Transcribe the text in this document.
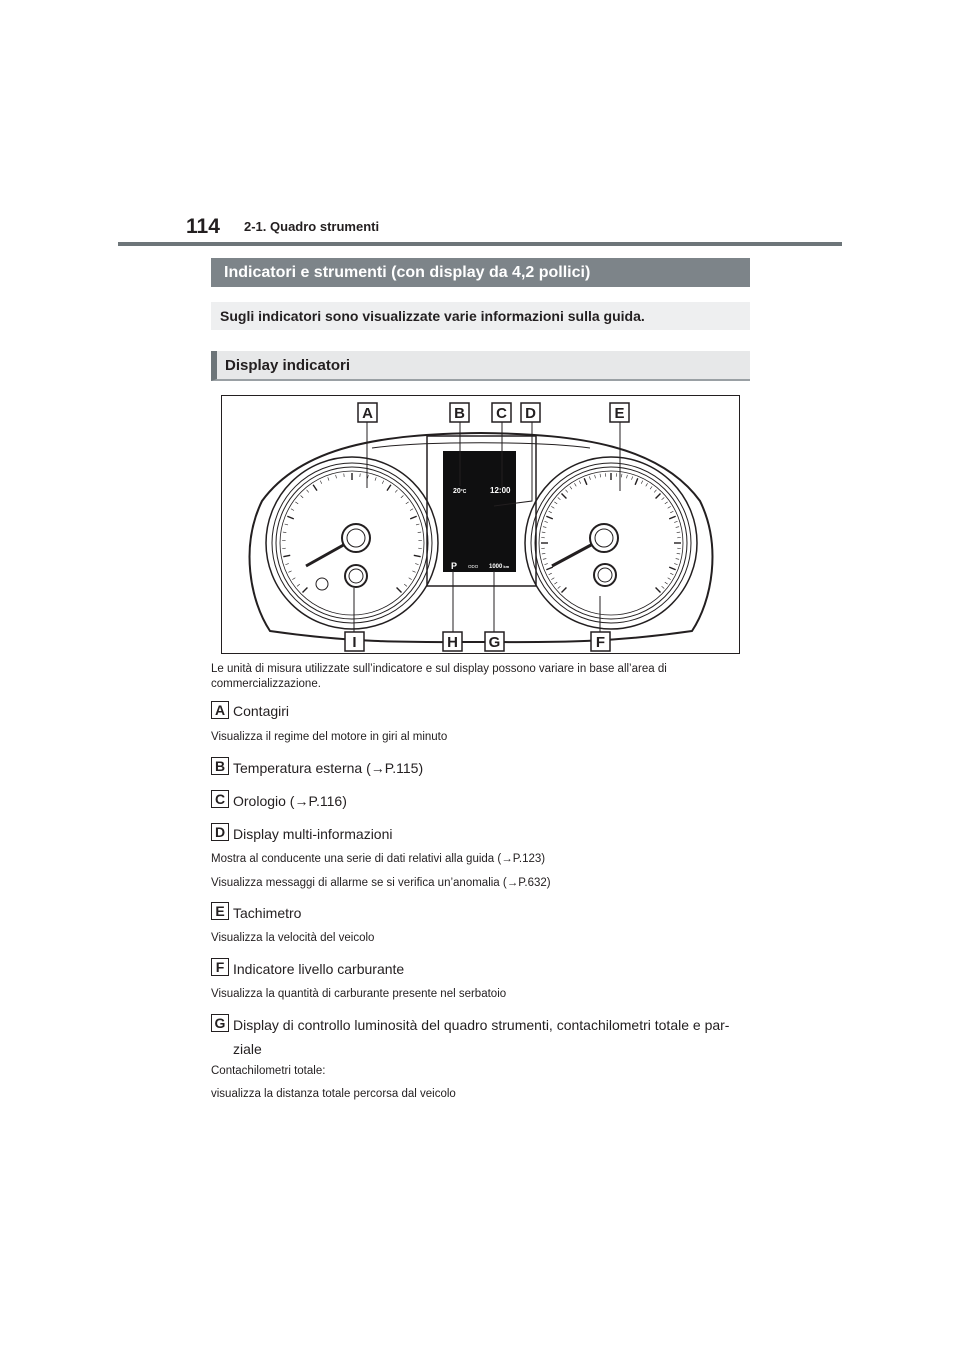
114 2-1. Quadro strumenti
Indicatori e strumenti (con display da 4,2 pollici)
Sugli indicatori sono visualizzate varie informazioni sulla guida.
Display indicatori
20°C	12:00
P ODO 1000km
A	B C D	E
F
G
H
I
Le unità di misura utilizzate sull’indicatore e sul display possono variare in base all’area di commercializzazione.
A Contagiri
Visualizza il regime del motore in giri al minuto
B Temperatura esterna (→P.115)
C Orologio (→P.116)
D Display multi-informazioni
Mostra al conducente una serie di dati relativi alla guida (→P.123)
Visualizza messaggi di allarme se si verifica un’anomalia (→P.632)
E Tachimetro
Visualizza la velocità del veicolo
F Indicatore livello carburante
Visualizza la quantità di carburante presente nel serbatoio
G Display di controllo luminosità del quadro strumenti, contachilometri totale e par-ziale
Contachilometri totale:
visualizza la distanza totale percorsa dal veicolo
